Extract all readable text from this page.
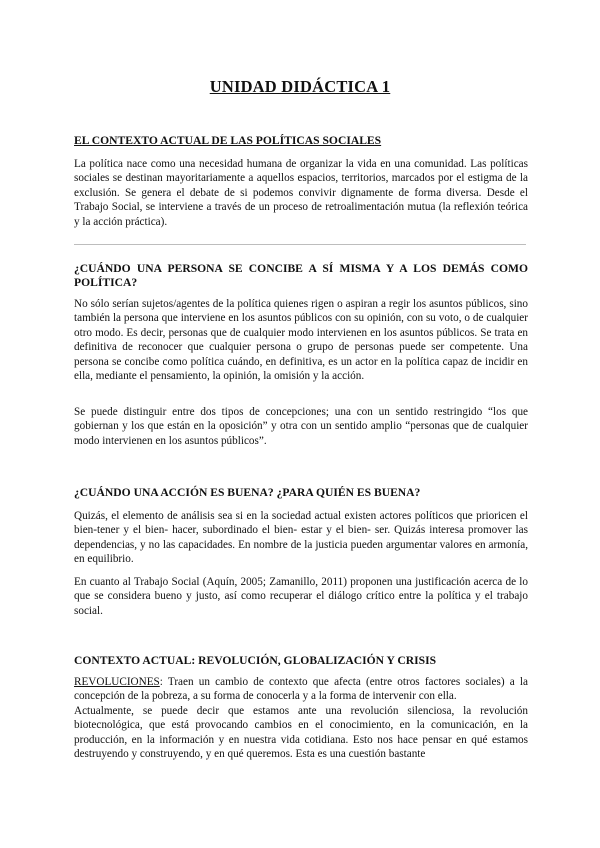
UNIDAD DIDÁCTICA 1
EL CONTEXTO ACTUAL DE LAS POLÍTICAS SOCIALES
La política nace como una necesidad humana de organizar la vida en una comunidad. Las políticas sociales se destinan mayoritariamente a aquellos espacios, territorios, marcados por el estigma de la exclusión. Se genera el debate de si podemos convivir dignamente de forma diversa. Desde el Trabajo Social, se interviene a través de un proceso de retroalimentación mutua (la reflexión teórica y la acción práctica).
¿CUÁNDO UNA PERSONA SE CONCIBE A SÍ MISMA Y A LOS DEMÁS COMO POLÍTICA?
No sólo serían sujetos/agentes de la política quienes rigen o aspiran a regir los asuntos públicos, sino también la persona que interviene en los asuntos públicos con su opinión, con su voto, o de cualquier otro modo. Es decir, personas que de cualquier modo intervienen en los asuntos públicos. Se trata en definitiva de reconocer que cualquier persona o grupo de personas puede ser competente. Una persona se concibe como política cuándo, en definitiva, es un actor en la política capaz de incidir en ella, mediante el pensamiento, la opinión, la omisión y la acción.
Se puede distinguir entre dos tipos de concepciones; una con un sentido restringido “los que gobiernan y los que están en la oposición” y otra con un sentido amplio “personas que de cualquier modo intervienen en los asuntos públicos”.
¿CUÁNDO UNA ACCIÓN ES BUENA? ¿PARA QUIÉN ES BUENA?
Quizás, el elemento de análisis sea si en la sociedad actual existen actores políticos que prioricen el bien-tener y el bien- hacer, subordinado el bien- estar y el bien- ser. Quizás interesa promover las dependencias, y no las capacidades. En nombre de la justicia pueden argumentar valores en armonía, en equilibrio.
En cuanto al Trabajo Social (Aquín, 2005; Zamanillo, 2011) proponen una justificación acerca de lo que se considera bueno y justo, así como recuperar el diálogo crítico entre la política y el trabajo social.
CONTEXTO ACTUAL: REVOLUCIÓN, GLOBALIZACIÓN Y CRISIS
REVOLUCIONES: Traen un cambio de contexto que afecta (entre otros factores sociales) a la concepción de la pobreza, a su forma de conocerla y a la forma de intervenir con ella.
Actualmente, se puede decir que estamos ante una revolución silenciosa, la revolución biotecnológica, que está provocando cambios en el conocimiento, en la comunicación, en la producción, en la información y en nuestra vida cotidiana. Esto nos hace pensar en qué estamos destruyendo y construyendo, y en qué queremos. Esta es una cuestión bastante
